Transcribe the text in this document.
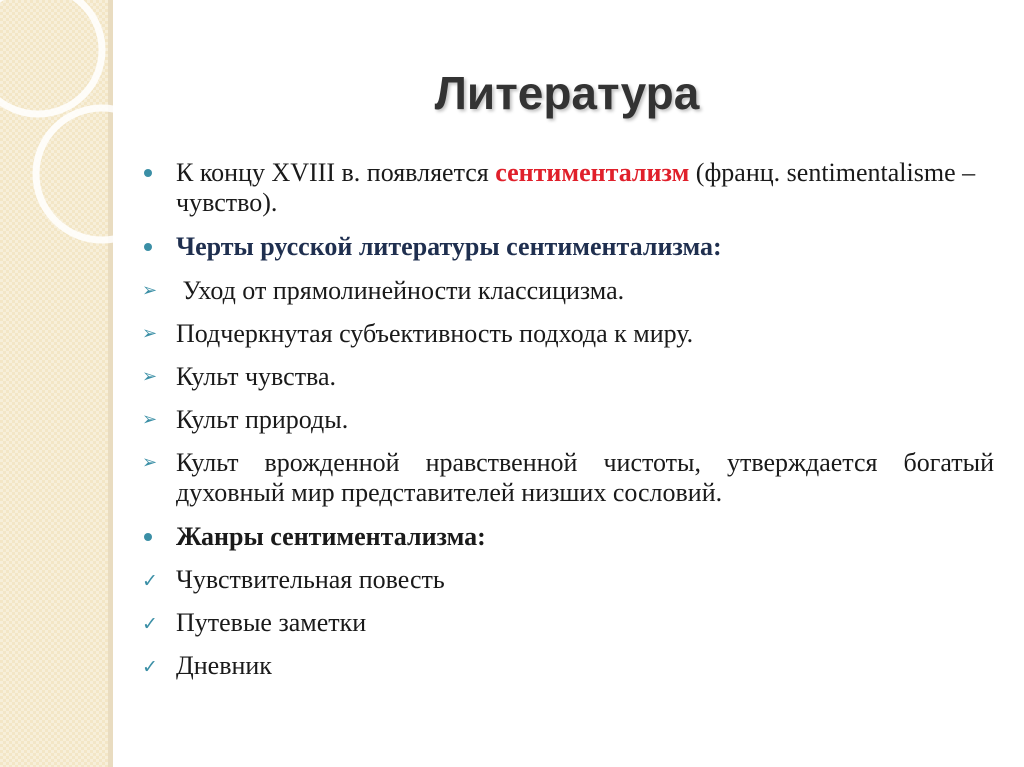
Литература
К концу XVIII в. появляется сентиментализм (франц. sentimentalisme – чувство).
Черты русской литературы сентиментализма:
➢ Уход от прямолинейности классицизма.
➢ Подчеркнутая субъективность подхода к миру.
➢ Культ чувства.
➢ Культ природы.
➢ Культ врожденной нравственной чистоты, утверждается богатый духовный мир представителей низших сословий.
Жанры сентиментализма:
✓ Чувствительная повесть
✓ Путевые заметки
✓ Дневник
